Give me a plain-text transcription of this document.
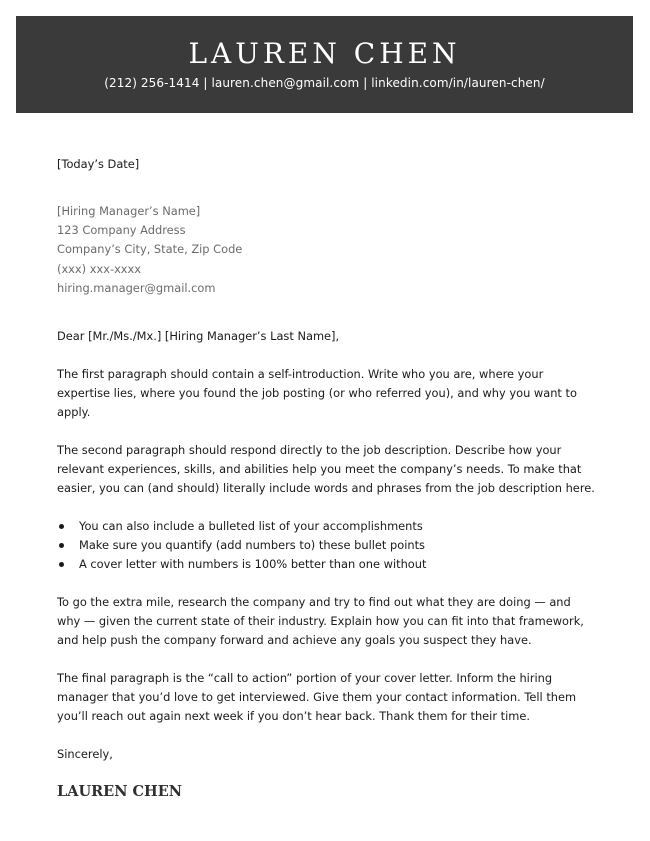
LAUREN CHEN
(212) 256-1414 | lauren.chen@gmail.com | linkedin.com/in/lauren-chen/
[Today’s Date]
[Hiring Manager’s Name]
123 Company Address
Company’s City, State, Zip Code
(xxx) xxx-xxxx
hiring.manager@gmail.com
Dear [Mr./Ms./Mx.] [Hiring Manager’s Last Name],

The first paragraph should contain a self-introduction. Write who you are, where your expertise lies, where you found the job posting (or who referred you), and why you want to apply.

The second paragraph should respond directly to the job description. Describe how your relevant experiences, skills, and abilities help you meet the company’s needs. To make that easier, you can (and should) literally include words and phrases from the job description here.

You can also include a bulleted list of your accomplishments
Make sure you quantify (add numbers to) these bullet points
A cover letter with numbers is 100% better than one without

To go the extra mile, research the company and try to find out what they are doing — and why — given the current state of their industry. Explain how you can fit into that framework, and help push the company forward and achieve any goals you suspect they have.

The final paragraph is the “call to action” portion of your cover letter. Inform the hiring manager that you’d love to get interviewed. Give them your contact information. Tell them you’ll reach out again next week if you don’t hear back. Thank them for their time.

Sincerely,
LAUREN CHEN
